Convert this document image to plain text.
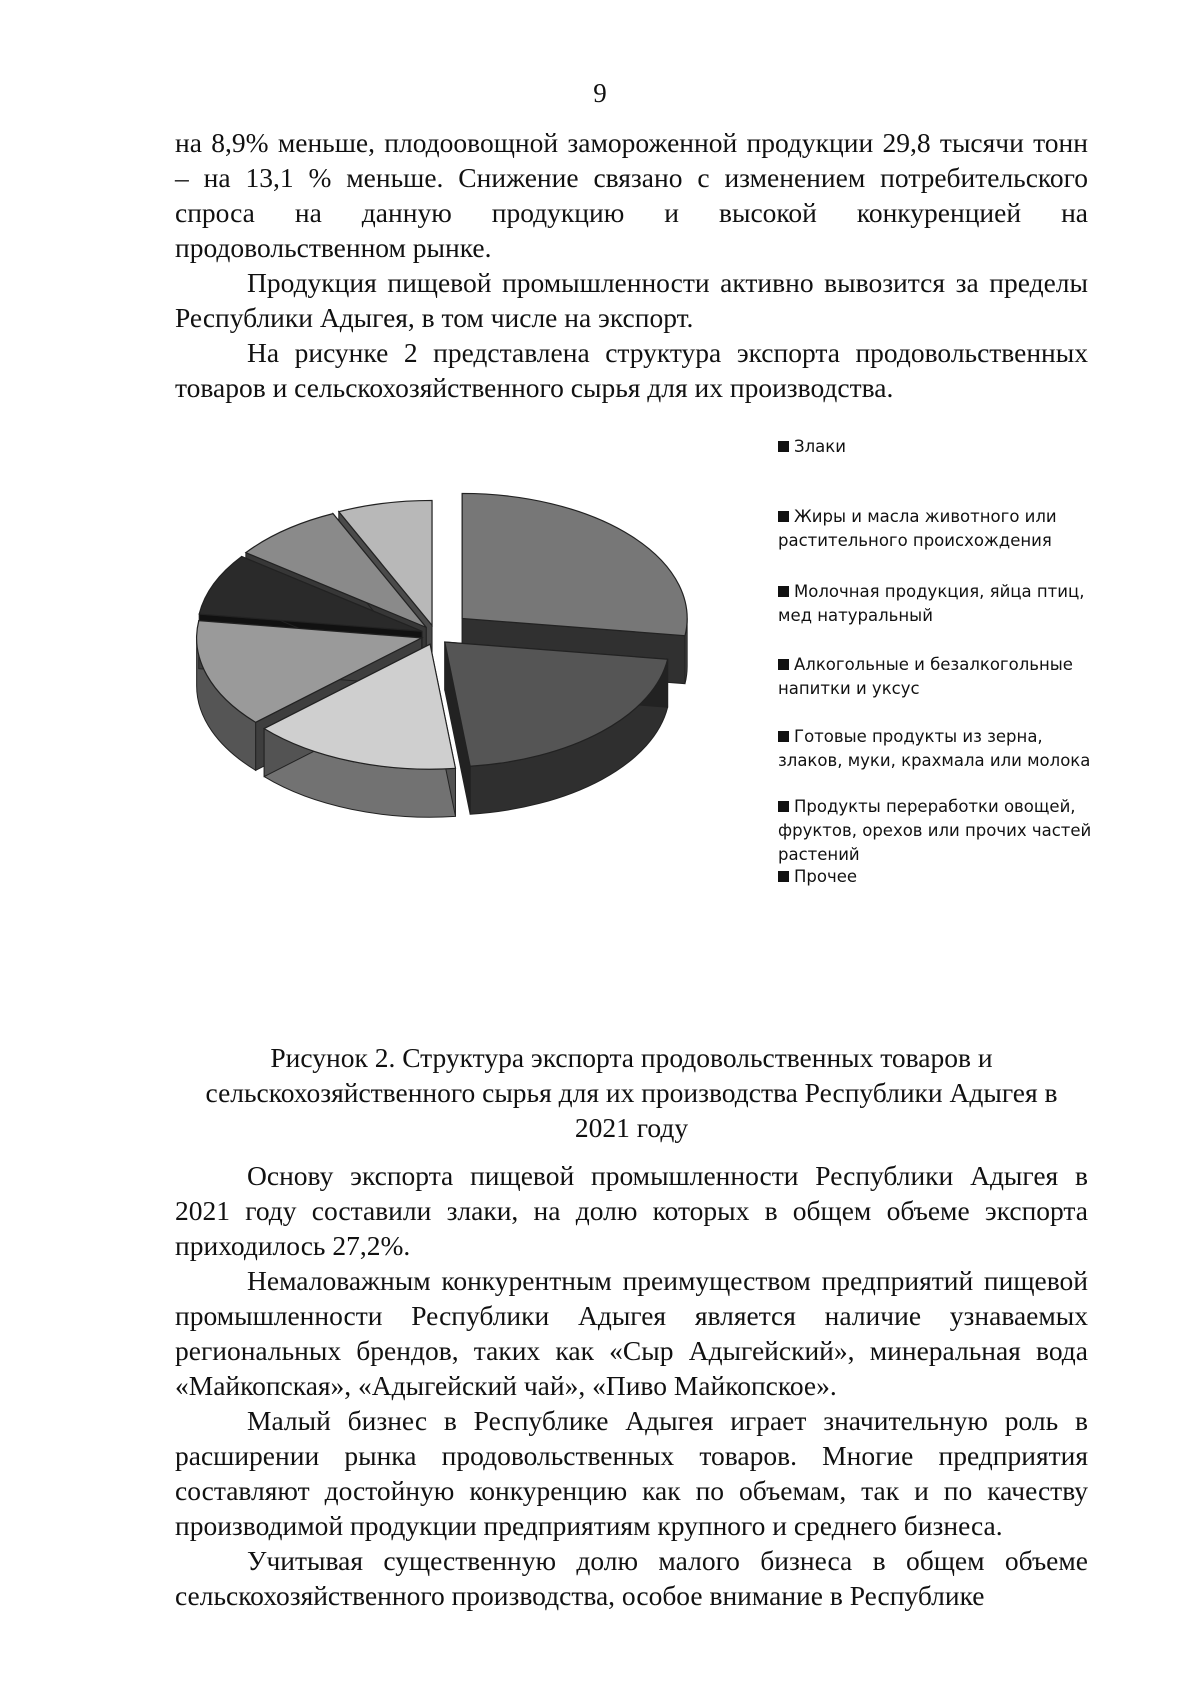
9

на 8,9% меньше, плодоовощной замороженной продукции 29,8 тысячи тонн – на 13,1 % меньше. Снижение связано с изменением потребительского спроса на данную продукцию и высокой конкуренцией на продовольственном рынке.

Продукция пищевой промышленности активно вывозится за пределы Республики Адыгея, в том числе на экспорт.

На рисунке 2 представлена структура экспорта продовольственных товаров и сельскохозяйственного сырья для их производства.

Злаки
Жиры и масла животного или растительного происхождения
Молочная продукция, яйца птиц, мед натуральный
Алкогольные и безалкогольные напитки и уксус
Готовые продукты из зерна, злаков, муки, крахмала или молока
Продукты переработки овощей, фруктов, орехов или прочих частей растений
Прочее
Рисунок 2. Структура экспорта продовольственных товаров и сельскохозяйственного сырья для их производства Республики Адыгея в 2021 году

Основу экспорта пищевой промышленности Республики Адыгея в 2021 году составили злаки, на долю которых в общем объеме экспорта приходилось 27,2%.

Немаловажным конкурентным преимуществом предприятий пищевой промышленности Республики Адыгея является наличие узнаваемых региональных брендов, таких как «Сыр Адыгейский», минеральная вода «Майкопская», «Адыгейский чай», «Пиво Майкопское».

Малый бизнес в Республике Адыгея играет значительную роль в расширении рынка продовольственных товаров. Многие предприятия составляют достойную конкуренцию как по объемам, так и по качеству производимой продукции предприятиям крупного и среднего бизнеса.

Учитывая существенную долю малого бизнеса в общем объеме сельскохозяйственного производства, особое внимание в Республике
